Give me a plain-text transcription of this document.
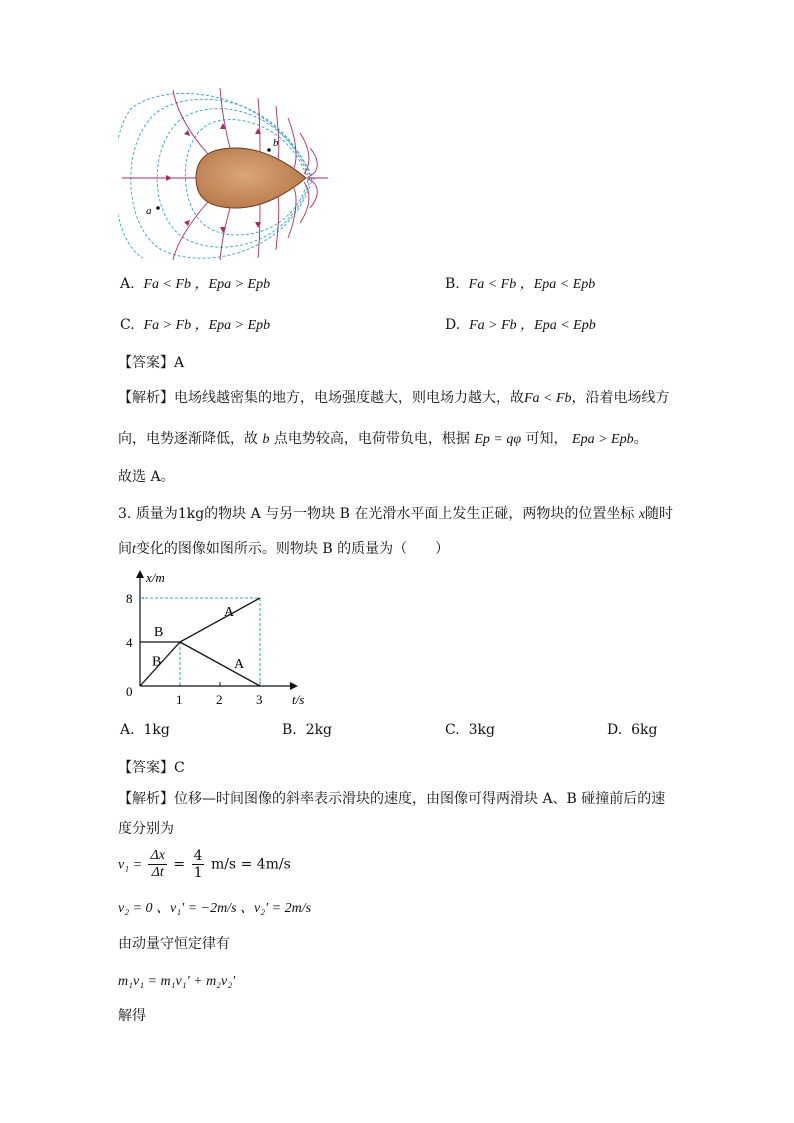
b
a
A. Fa < Fb ，Epa > Epb	B. Fa < Fb ，Epa < Epb
C. Fa > Fb ，Epa > Epb	D. Fa > Fb ，Epa < Epb
【答案】A
【解析】电场线越密集的地方，电场强度越大，则电场力越大，故Fa < Fb，沿着电场线方
向，电势逐渐降低，故 b 点电势较高，电荷带负电，根据 Ep = qφ 可知， Epa > Epb。
故选 A。
3. 质量为1kg的物块 A 与另一物块 B 在光滑水平面上发生正碰，两物块的位置坐标 x随时
间t变化的图像如图所示。则物块 B 的质量为（　　）
x/m
t/s
0
1	2	3
4
8
B
A
B	A
A. 1kg	B. 2kg	C. 3kg	D. 6kg
【答案】C
【解析】位移—时间图像的斜率表示滑块的速度，由图像可得两滑块 A、B 碰撞前后的速
度分别为
$v_1 = \frac{\Delta x}{\Delta t} = \frac{4}{1} m/s = 4m/s$
v₂ = 0 、v₁′ = −2m/s 、v₂′ = 2m/s
由动量守恒定律有
m₁v₁ = m₁v₁′ + m₂v₂′
解得
